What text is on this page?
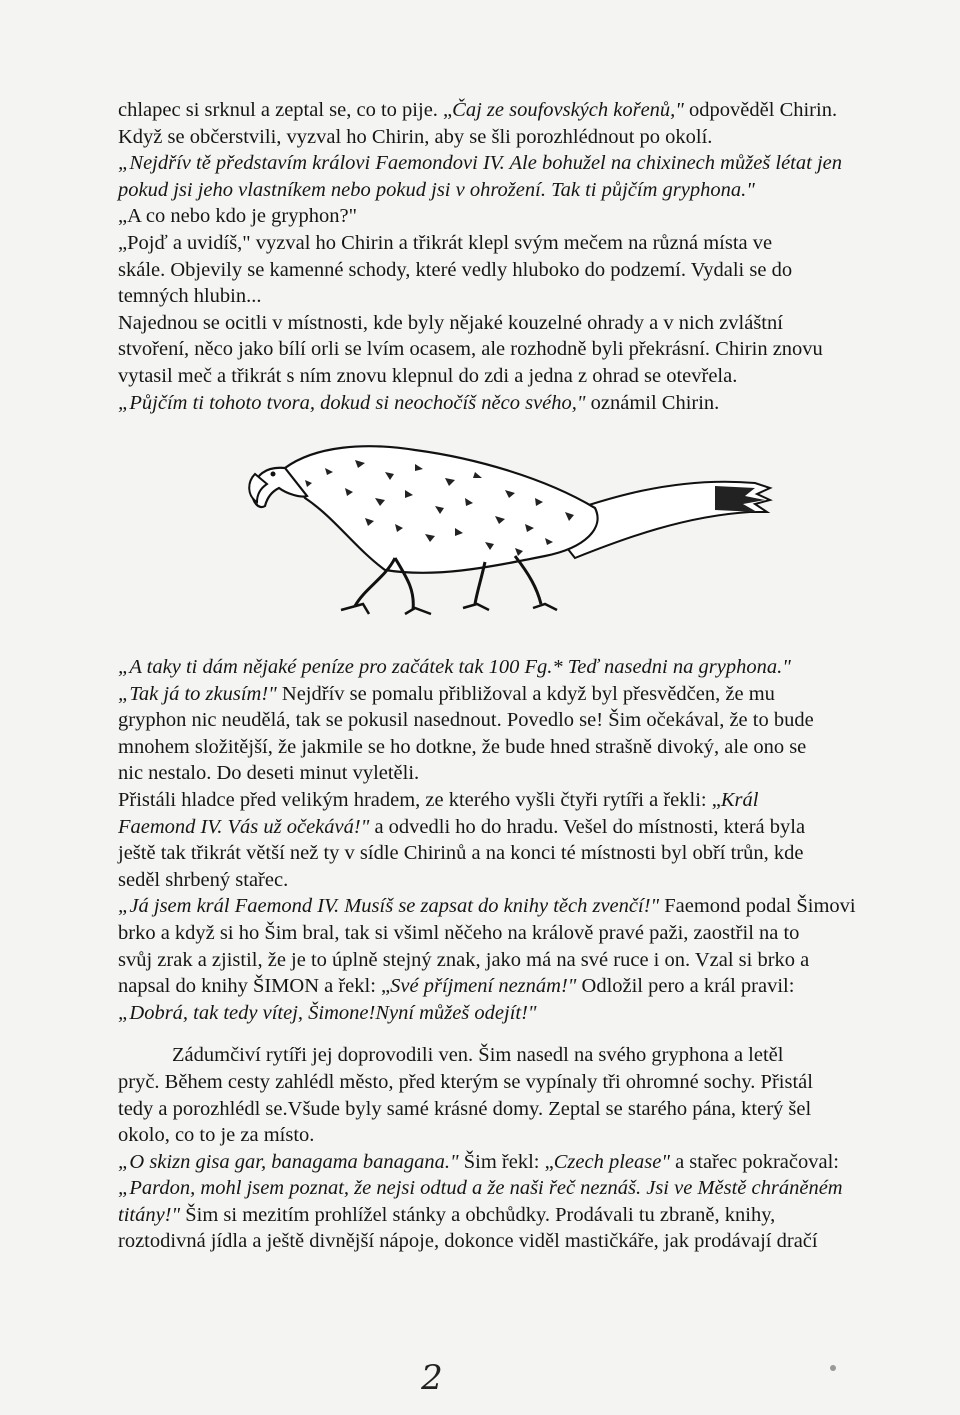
chlapec si srknul a zeptal se, co to pije. „Čaj ze soufovských kořenů," odpověděl Chirin.

Když se občerstvili, vyzval ho Chirin, aby se šli porozhlédnout po okolí.

„Nejdřív tě představím královi Faemondovi IV. Ale bohužel na chixinech můžeš létat jen

pokud jsi jeho vlastníkem nebo pokud jsi v ohrožení. Tak ti půjčím gryphona."

„A co nebo kdo je gryphon?"

„Pojď a uvidíš," vyzval ho Chirin a třikrát klepl svým mečem na různá místa ve

skále. Objevily se kamenné schody, které vedly hluboko do podzemí. Vydali se do

temných hlubin...

Najednou se ocitli v místnosti, kde byly nějaké kouzelné ohrady a v nich zvláštní

stvoření, něco jako bílí orli se lvím ocasem, ale rozhodně byli překrásní. Chirin znovu

vytasil meč a třikrát s ním znovu klepnul do zdi a jedna z ohrad se otevřela.

„Půjčím ti tohoto tvora, dokud si neochočíš něco svého," oznámil Chirin.

„A taky ti dám nějaké peníze pro začátek tak 100 Fg.* Teď nasedni na gryphona."

„Tak já to zkusím!" Nejdřív se pomalu přibližoval a když byl přesvědčen, že mu

gryphon nic neudělá, tak se pokusil nasednout. Povedlo se! Šim očekával, že to bude

mnohem složitější, že jakmile se ho dotkne, že bude hned strašně divoký, ale ono se

nic nestalo. Do deseti minut vyletěli.

Přistáli hladce před velikým hradem, ze kterého vyšli čtyři rytíři a řekli: „Král

Faemond IV. Vás už očekává!" a odvedli ho do hradu. Vešel do místnosti, která byla

ještě tak třikrát větší než ty v sídle Chirinů a na konci té místnosti byl obří trůn, kde

seděl shrbený stařec.

„Já jsem král Faemond IV. Musíš se zapsat do knihy těch zvenčí!" Faemond podal Šimovi

brko a když si ho Šim bral, tak si všiml něčeho na králově pravé paži, zaostřil na to

svůj zrak a zjistil, že je to úplně stejný znak, jako má na své ruce i on. Vzal si brko a

napsal do knihy ŠIMON a řekl: „Své příjmení neznám!" Odložil pero a král pravil:

„Dobrá, tak tedy vítej, Šimone!Nyní můžeš odejít!"

Zádumčiví rytíři jej doprovodili ven. Šim nasedl na svého gryphona a letěl

pryč. Během cesty zahlédl město, před kterým se vypínaly tři ohromné sochy. Přistál

tedy a porozhlédl se.Všude byly samé krásné domy. Zeptal se starého pána, který šel

okolo, co to je za místo.

„O skizn gisa gar, banagama banagana." Šim řekl: „Czech please" a stařec pokračoval:

„Pardon, mohl jsem poznat, že nejsi odtud a že naši řeč neznáš. Jsi ve Městě chráněném

titány!" Šim si mezitím prohlížel stánky a obchůdky. Prodávali tu zbraně, knihy,

roztodivná jídla a ještě divnější nápoje, dokonce viděl mastičkáře, jak prodávají dračí

2
